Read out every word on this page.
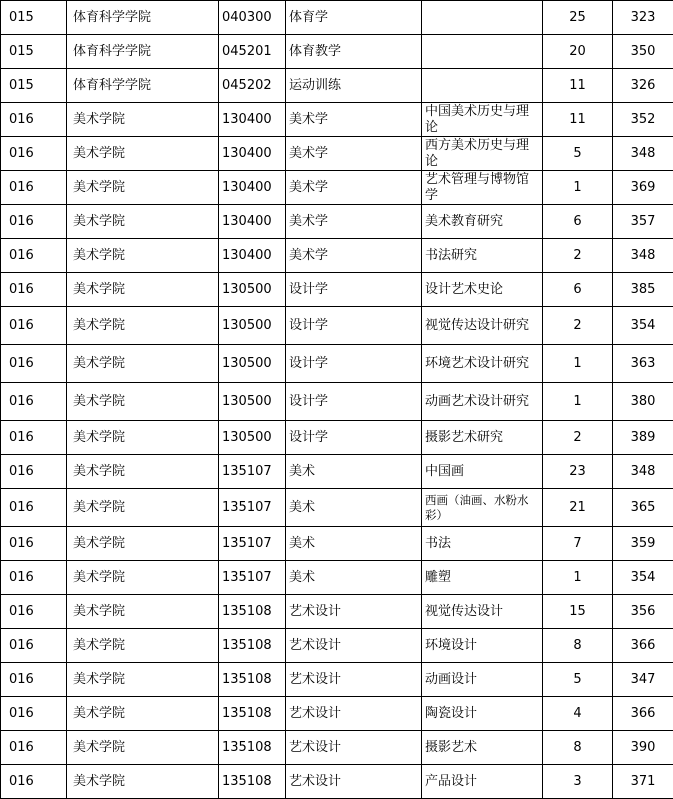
015	体育科学学院	040300	体育学		25	323
015	体育科学学院	045201	体育教学		20	350
015	体育科学学院	045202	运动训练		11	326
016	美术学院	130400	美术学	中国美术历史与理论	11	352
016	美术学院	130400	美术学	西方美术历史与理论	5	348
016	美术学院	130400	美术学	艺术管理与博物馆学	1	369
016	美术学院	130400	美术学	美术教育研究	6	357
016	美术学院	130400	美术学	书法研究	2	348
016	美术学院	130500	设计学	设计艺术史论	6	385
016	美术学院	130500	设计学	视觉传达设计研究	2	354
016	美术学院	130500	设计学	环境艺术设计研究	1	363
016	美术学院	130500	设计学	动画艺术设计研究	1	380
016	美术学院	130500	设计学	摄影艺术研究	2	389
016	美术学院	135107	美术	中国画	23	348
016	美术学院	135107	美术	西画（油画、水粉水彩）	21	365
016	美术学院	135107	美术	书法	7	359
016	美术学院	135107	美术	雕塑	1	354
016	美术学院	135108	艺术设计	视觉传达设计	15	356
016	美术学院	135108	艺术设计	环境设计	8	366
016	美术学院	135108	艺术设计	动画设计	5	347
016	美术学院	135108	艺术设计	陶瓷设计	4	366
016	美术学院	135108	艺术设计	摄影艺术	8	390
016	美术学院	135108	艺术设计	产品设计	3	371
